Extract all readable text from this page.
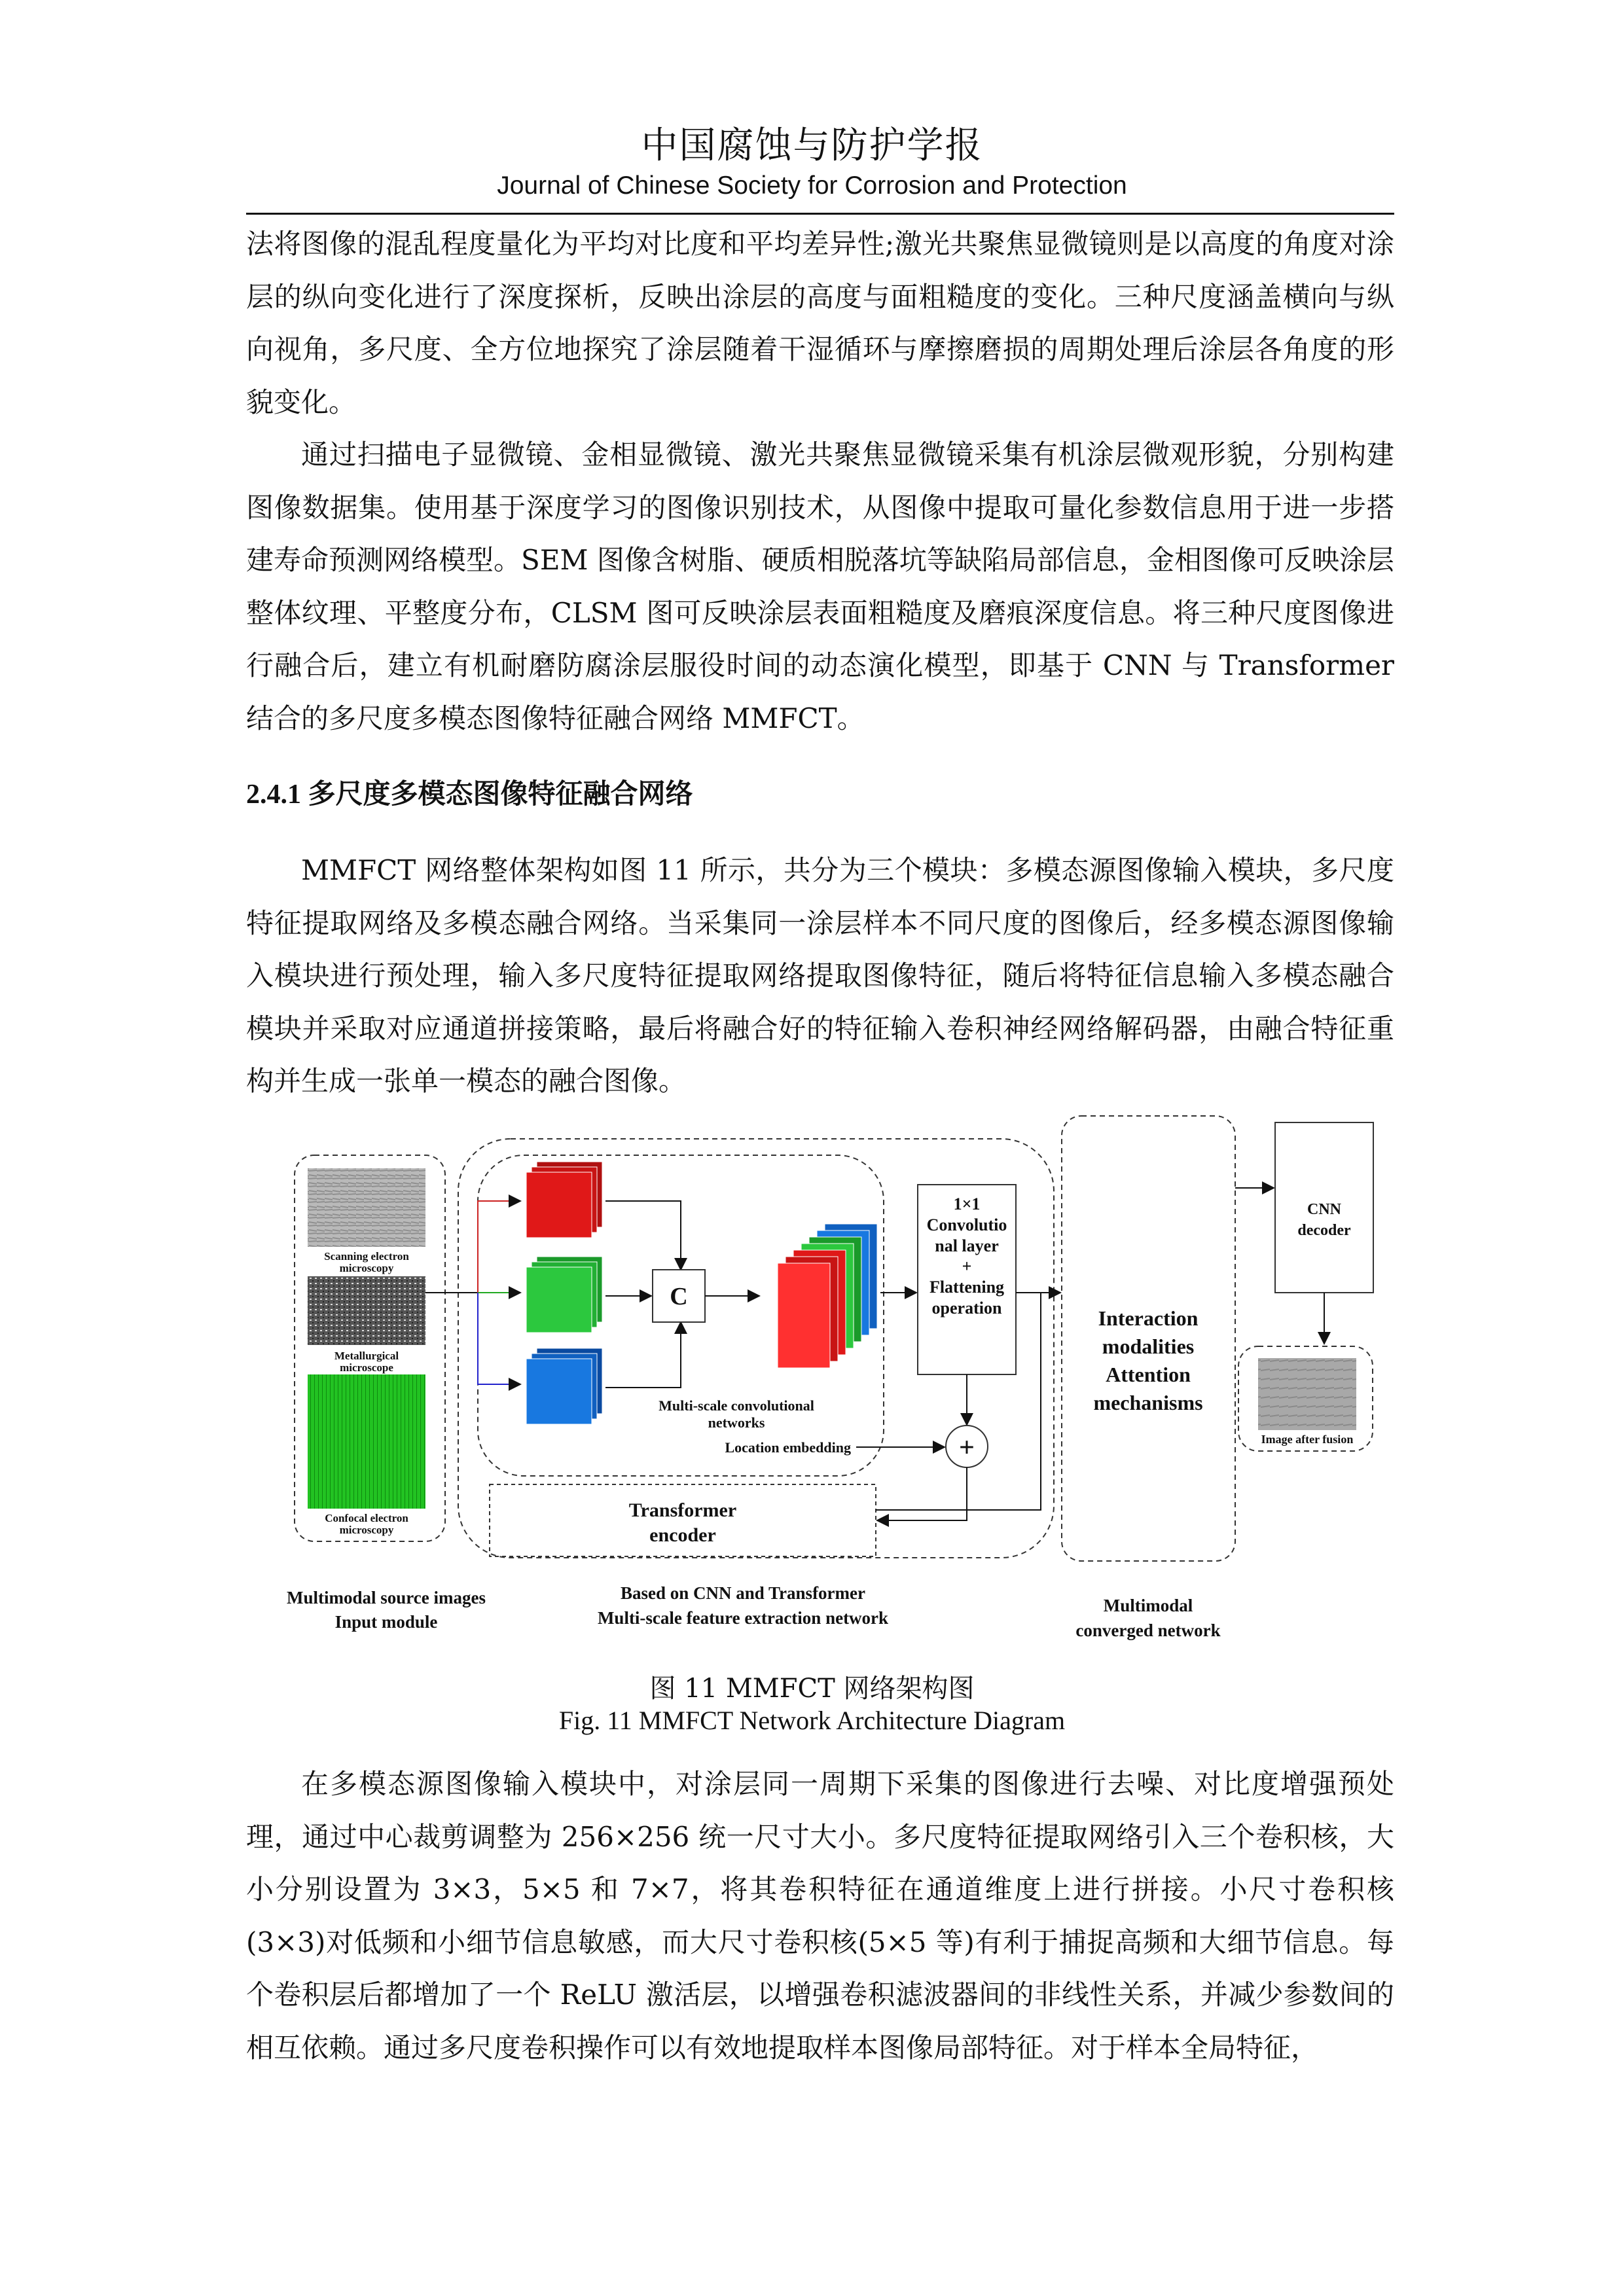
中国腐蚀与防护学报
Journal of Chinese Society for Corrosion and Protection

法将图像的混乱程度量化为平均对比度和平均差异性;激光共聚焦显微镜则是以高度的角度对涂层的纵向变化进行了深度探析，反映出涂层的高度与面粗糙度的变化。三种尺度涵盖横向与纵向视角，多尺度、全方位地探究了涂层随着干湿循环与摩擦磨损的周期处理后涂层各角度的形貌变化。

通过扫描电子显微镜、金相显微镜、激光共聚焦显微镜采集有机涂层微观形貌，分别构建图像数据集。使用基于深度学习的图像识别技术，从图像中提取可量化参数信息用于进一步搭建寿命预测网络模型。SEM 图像含树脂、硬质相脱落坑等缺陷局部信息，金相图像可反映涂层整体纹理、平整度分布，CLSM 图可反映涂层表面粗糙度及磨痕深度信息。将三种尺度图像进行融合后，建立有机耐磨防腐涂层服役时间的动态演化模型，即基于 CNN 与 Transformer 结合的多尺度多模态图像特征融合网络 MMFCT。

2.4.1 多尺度多模态图像特征融合网络

MMFCT 网络整体架构如图 11 所示，共分为三个模块：多模态源图像输入模块，多尺度特征提取网络及多模态融合网络。当采集同一涂层样本不同尺度的图像后，经多模态源图像输入模块进行预处理，输入多尺度特征提取网络提取图像特征，随后将特征信息输入多模态融合模块并采取对应通道拼接策略，最后将融合好的特征输入卷积神经网络解码器，由融合特征重构并生成一张单一模态的融合图像。

Scanning electron
microscopy
Metallurgical
microscope
Confocal electron
microscopy
C
Multi-scale convolutional
networks
1×1
Convolutio
nal layer
+
Flattening
operation
+
Location embedding
Transformer
encoder
Interaction
modalities
Attention
mechanisms
CNN
decoder
Image after fusion
Multimodal source images
Input module
Based on CNN and Transformer
Multi-scale feature extraction network
Multimodal
converged network
图 11 MMFCT 网络架构图
Fig. 11 MMFCT Network Architecture Diagram

在多模态源图像输入模块中，对涂层同一周期下采集的图像进行去噪、对比度增强预处理，通过中心裁剪调整为 256×256 统一尺寸大小。多尺度特征提取网络引入三个卷积核，大小分别设置为 3×3，5×5 和 7×7，将其卷积特征在通道维度上进行拼接。小尺寸卷积核(3×3)对低频和小细节信息敏感，而大尺寸卷积核(5×5 等)有利于捕捉高频和大细节信息。每个卷积层后都增加了一个 ReLU 激活层，以增强卷积滤波器间的非线性关系，并减少参数间的相互依赖。通过多尺度卷积操作可以有效地提取样本图像局部特征。对于样本全局特征，
